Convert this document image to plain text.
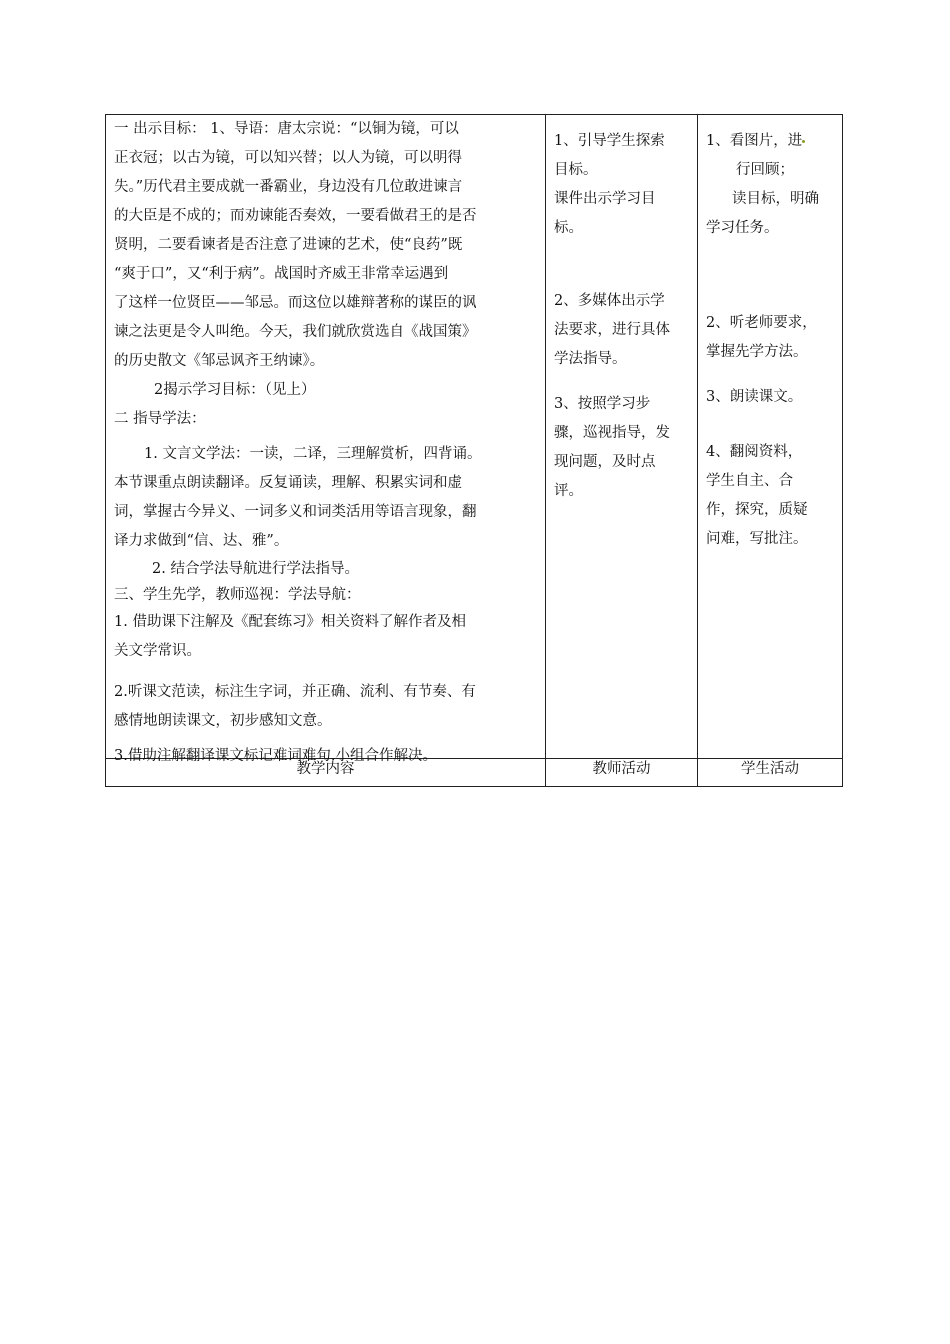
一 出示目标： 1、导语：唐太宗说：“以铜为镜，可以

正衣冠；以古为镜，可以知兴替；以人为镜，可以明得

失。”历代君主要成就一番霸业，身边没有几位敢进谏言

的大臣是不成的；而劝谏能否奏效，一要看做君王的是否

贤明，二要看谏者是否注意了进谏的艺术，使“良药”既

“爽于口”，又“利于病”。战国时齐威王非常幸运遇到

了这样一位贤臣——邹忌。而这位以雄辩著称的谋臣的讽

谏之法更是令人叫绝。今天，我们就欣赏选自《战国策》

的历史散文《邹忌讽齐王纳谏》。

2揭示学习目标：（见上）

二 指导学法：

1. 文言文学法：一读，二译，三理解赏析，四背诵。

本节课重点朗读翻译。反复诵读，理解、积累实词和虚

词，掌握古今异义、一词多义和词类活用等语言现象，翻

译力求做到“信、达、雅”。

2. 结合学法导航进行学法指导。

三、学生先学，教师巡视：学法导航：

1. 借助课下注解及《配套练习》相关资料了解作者及相

关文学常识。

2.听课文范读，标注生字词，并正确、流利、有节奏、有

感情地朗读课文，初步感知文意。

3.借助注解翻译课文标记难词难句.小组合作解决。

1、引导学生探索

目标。

课件出示学习目

标。

2、多媒体出示学

法要求，进行具体

学法指导。

3、按照学习步

骤，巡视指导，发

现问题，及时点

评。

1、看图片，进

行回顾；

读目标，明确

学习任务。

2、听老师要求，

掌握先学方法。

3、朗读课文。

4、翻阅资料，

学生自主、合

作，探究，质疑

问难，写批注。

教学内容	教师活动	学生活动
